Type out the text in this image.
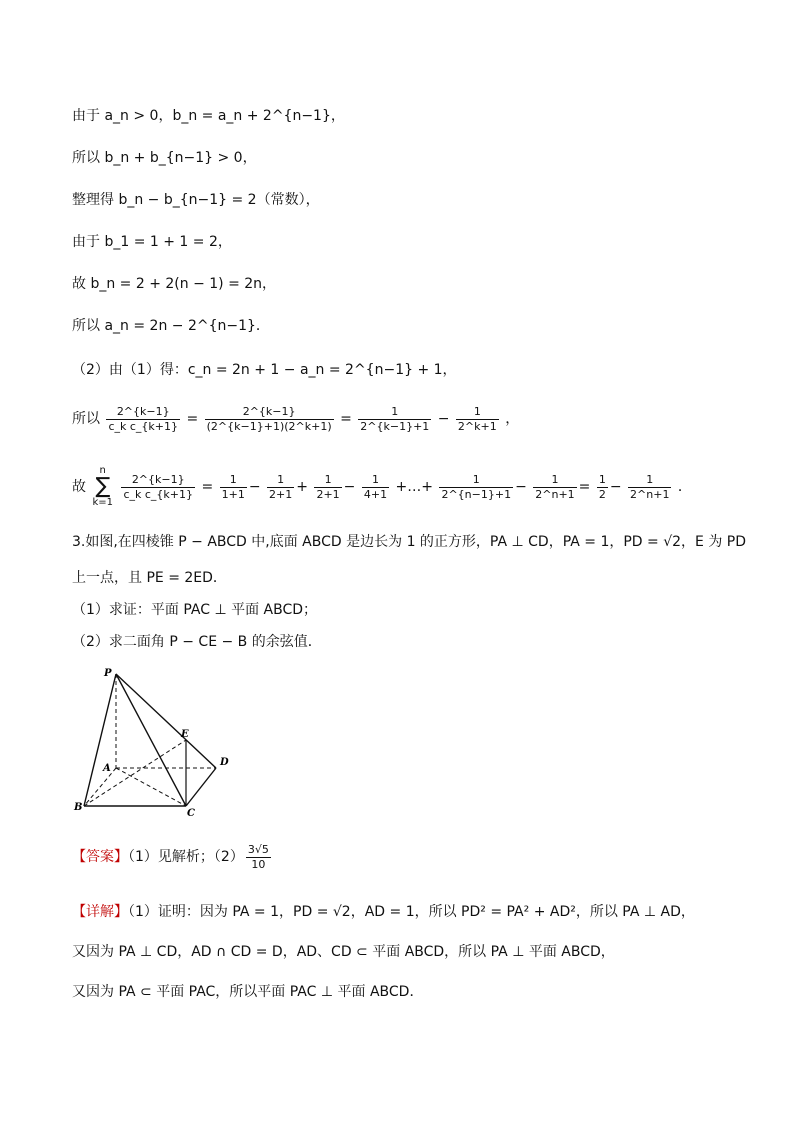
由于 a_n > 0，b_n = a_n + 2^{n−1}，
所以 b_n + b_{n−1} > 0，
整理得 b_n − b_{n−1} = 2（常数），
由于 b_1 = 1 + 1 = 2，
故 b_n = 2 + 2(n − 1) = 2n，
所以 a_n = 2n − 2^{n−1}．
（2）由（1）得：c_n = 2n + 1 − a_n = 2^{n−1} + 1，
所以 $\frac{2\^{}\{k-1\}}{\text{c\_k c\_\{k+1\}}} = \frac{2\^{}\{k-1\}}{(2\^{}\{k-1\}+1)(2\^{}k+1)} = \frac{1}{2\^{}\{k-1\}+1} - \frac{1}{2\^{}k+1}$ ，
故
n
∑
k=1

$\frac{2\^{}\{k-1\}}{\text{c\_k c\_\{k+1\}}} = \frac{1}{1+1} - \frac{1}{2+1} + \frac{1}{2+1} - \frac{1}{4+1}$ +…+ $\frac{1}{2\^{}\{n-1\}+1} - \frac{1}{2\^{}n+1} = \frac{1}{2} - \frac{1}{2\^{}n+1}$ ．
3.如图,在四棱锥 P − ABCD 中,底面 ABCD 是边长为 1 的正方形，PA ⊥ CD，PA = 1，PD = √2，E 为 PD
上一点，且 PE = 2ED．
（1）求证：平面 PAC ⊥ 平面 ABCD；
（2）求二面角 P − CE − B 的余弦值．
P
E
A
D
B
C
【答案】（1）见解析；$(2) \frac{3√5}{10}$
【详解】（1）证明：因为 PA = 1，PD = √2，AD = 1，所以 PD² = PA² + AD²，所以 PA ⊥ AD，
又因为 PA ⊥ CD，AD ∩ CD = D，AD、CD ⊂ 平面 ABCD，所以 PA ⊥ 平面 ABCD，
又因为 PA ⊂ 平面 PAC，所以平面 PAC ⊥ 平面 ABCD．
